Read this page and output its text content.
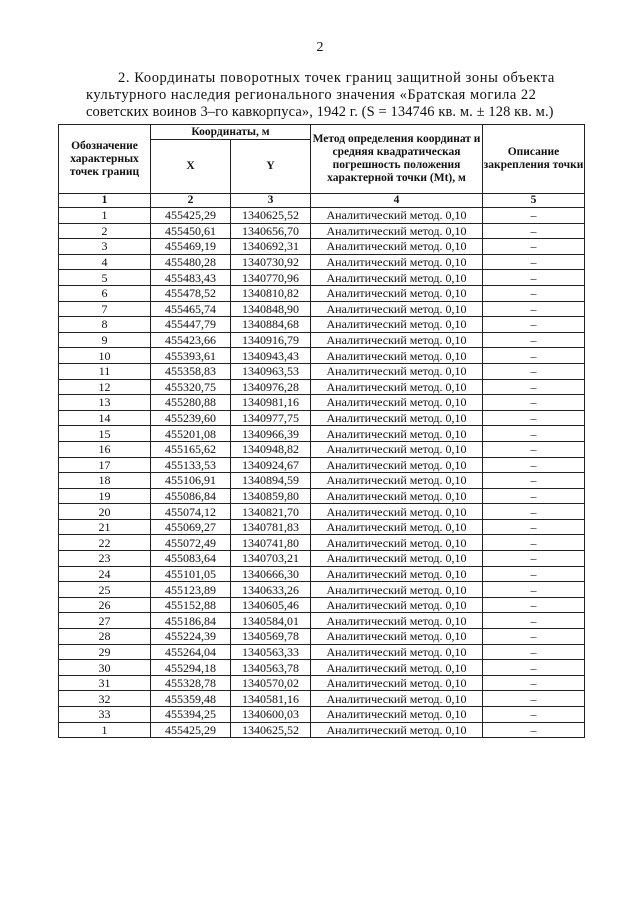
2
2. Координаты поворотных точек границ защитной зоны объекта
культурного наследия регионального значения «Братская могила 22
советских воинов 3–го кавкорпуса», 1942 г. (S = 134746 кв. м. ± 128 кв. м.)
Обозначение характерных точек границ	Координаты, м		Метод определения координат и средняя квадратическая погрешность положения характерной точки (Mt), м	Описание закрепления точки
	X	Y		
1	2	3	4	5
1	455425,29	1340625,52	Аналитический метод. 0,10	–
2	455450,61	1340656,70	Аналитический метод. 0,10	–
3	455469,19	1340692,31	Аналитический метод. 0,10	–
4	455480,28	1340730,92	Аналитический метод. 0,10	–
5	455483,43	1340770,96	Аналитический метод. 0,10	–
6	455478,52	1340810,82	Аналитический метод. 0,10	–
7	455465,74	1340848,90	Аналитический метод. 0,10	–
8	455447,79	1340884,68	Аналитический метод. 0,10	–
9	455423,66	1340916,79	Аналитический метод. 0,10	–
10	455393,61	1340943,43	Аналитический метод. 0,10	–
11	455358,83	1340963,53	Аналитический метод. 0,10	–
12	455320,75	1340976,28	Аналитический метод. 0,10	–
13	455280,88	1340981,16	Аналитический метод. 0,10	–
14	455239,60	1340977,75	Аналитический метод. 0,10	–
15	455201,08	1340966,39	Аналитический метод. 0,10	–
16	455165,62	1340948,82	Аналитический метод. 0,10	–
17	455133,53	1340924,67	Аналитический метод. 0,10	–
18	455106,91	1340894,59	Аналитический метод. 0,10	–
19	455086,84	1340859,80	Аналитический метод. 0,10	–
20	455074,12	1340821,70	Аналитический метод. 0,10	–
21	455069,27	1340781,83	Аналитический метод. 0,10	–
22	455072,49	1340741,80	Аналитический метод. 0,10	–
23	455083,64	1340703,21	Аналитический метод. 0,10	–
24	455101,05	1340666,30	Аналитический метод. 0,10	–
25	455123,89	1340633,26	Аналитический метод. 0,10	–
26	455152,88	1340605,46	Аналитический метод. 0,10	–
27	455186,84	1340584,01	Аналитический метод. 0,10	–
28	455224,39	1340569,78	Аналитический метод. 0,10	–
29	455264,04	1340563,33	Аналитический метод. 0,10	–
30	455294,18	1340563,78	Аналитический метод. 0,10	–
31	455328,78	1340570,02	Аналитический метод. 0,10	–
32	455359,48	1340581,16	Аналитический метод. 0,10	–
33	455394,25	1340600,03	Аналитический метод. 0,10	–
1	455425,29	1340625,52	Аналитический метод. 0,10	–
